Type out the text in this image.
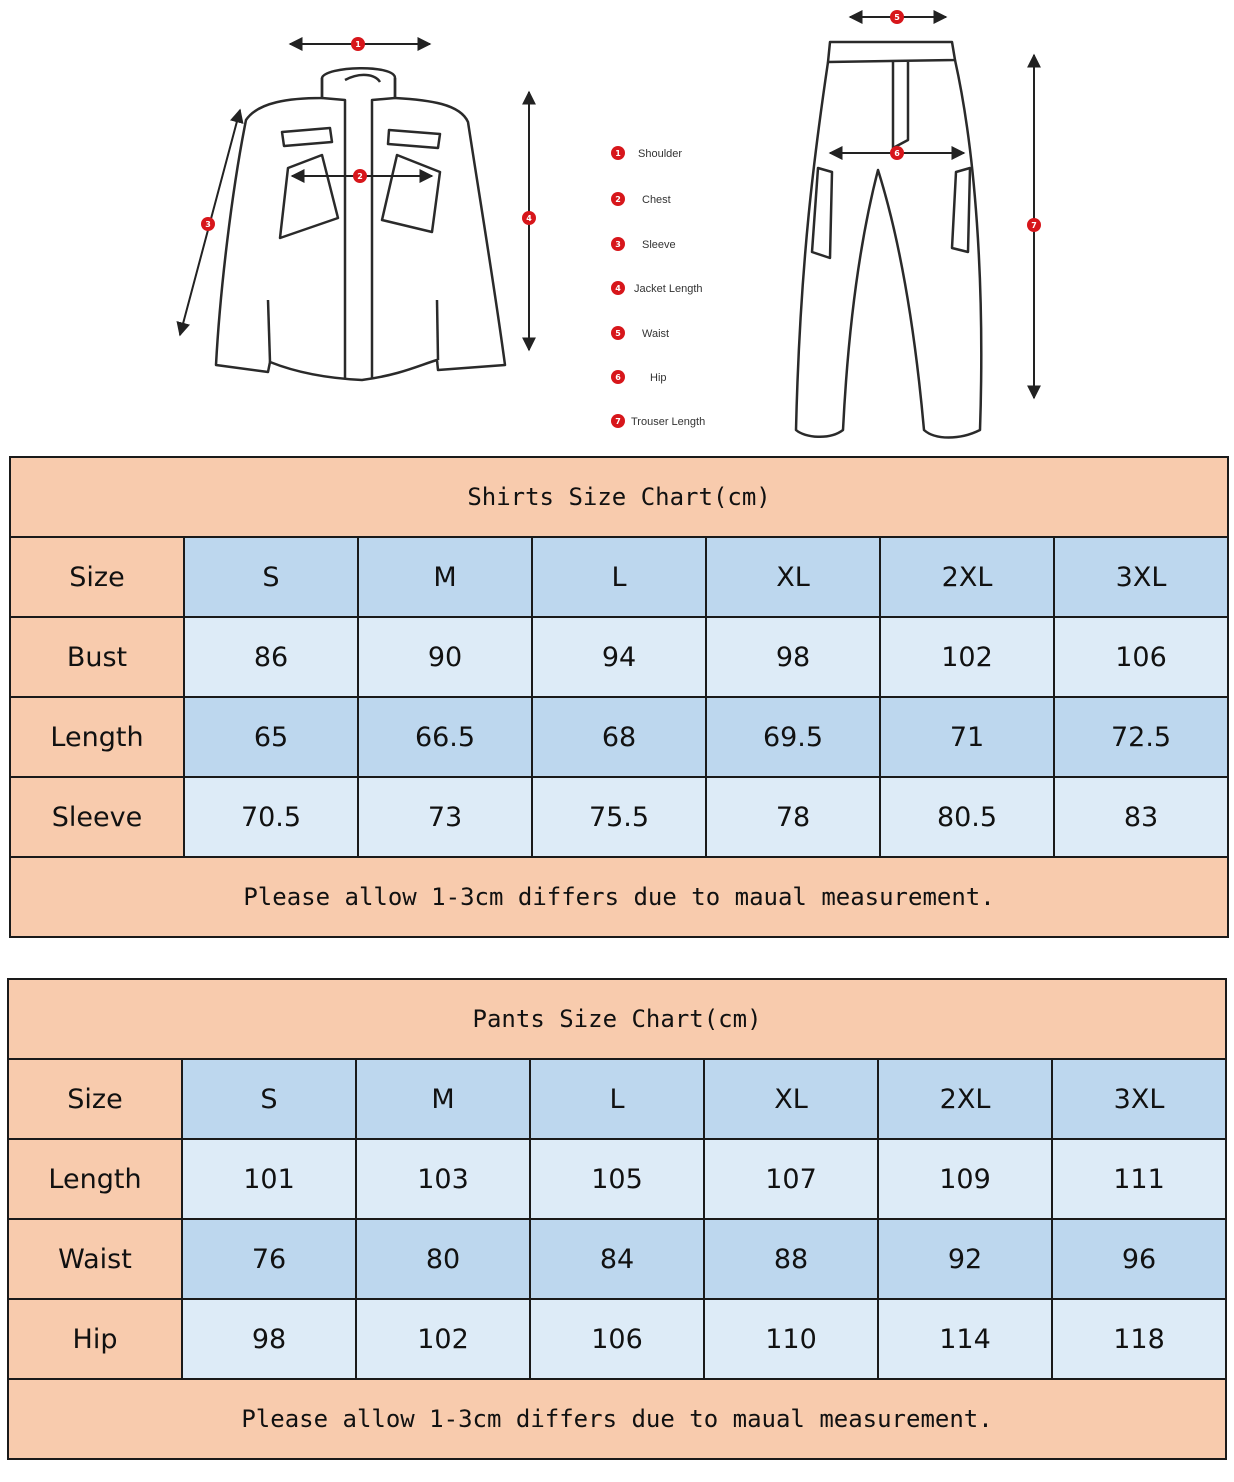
1
2
3
4
5
6
7
1 Shoulder
2 Chest
3 Sleeve
4 Jacket Length
5 Waist
6	Hip
7 Trouser Length
Shirts Size Chart(cm)						
Size	S	M	L	XL	2XL	3XL
Bust	86	90	94	98	102	106
Length	65	66.5	68	69.5	71	72.5
Sleeve	70.5	73	75.5	78	80.5	83
Please allow 1-3cm differs due to maual measurement.						
Pants Size Chart(cm)						
Size	S	M	L	XL	2XL	3XL
Length	101	103	105	107	109	111
Waist	76	80	84	88	92	96
Hip	98	102	106	110	114	118
Please allow 1-3cm differs due to maual measurement.						
